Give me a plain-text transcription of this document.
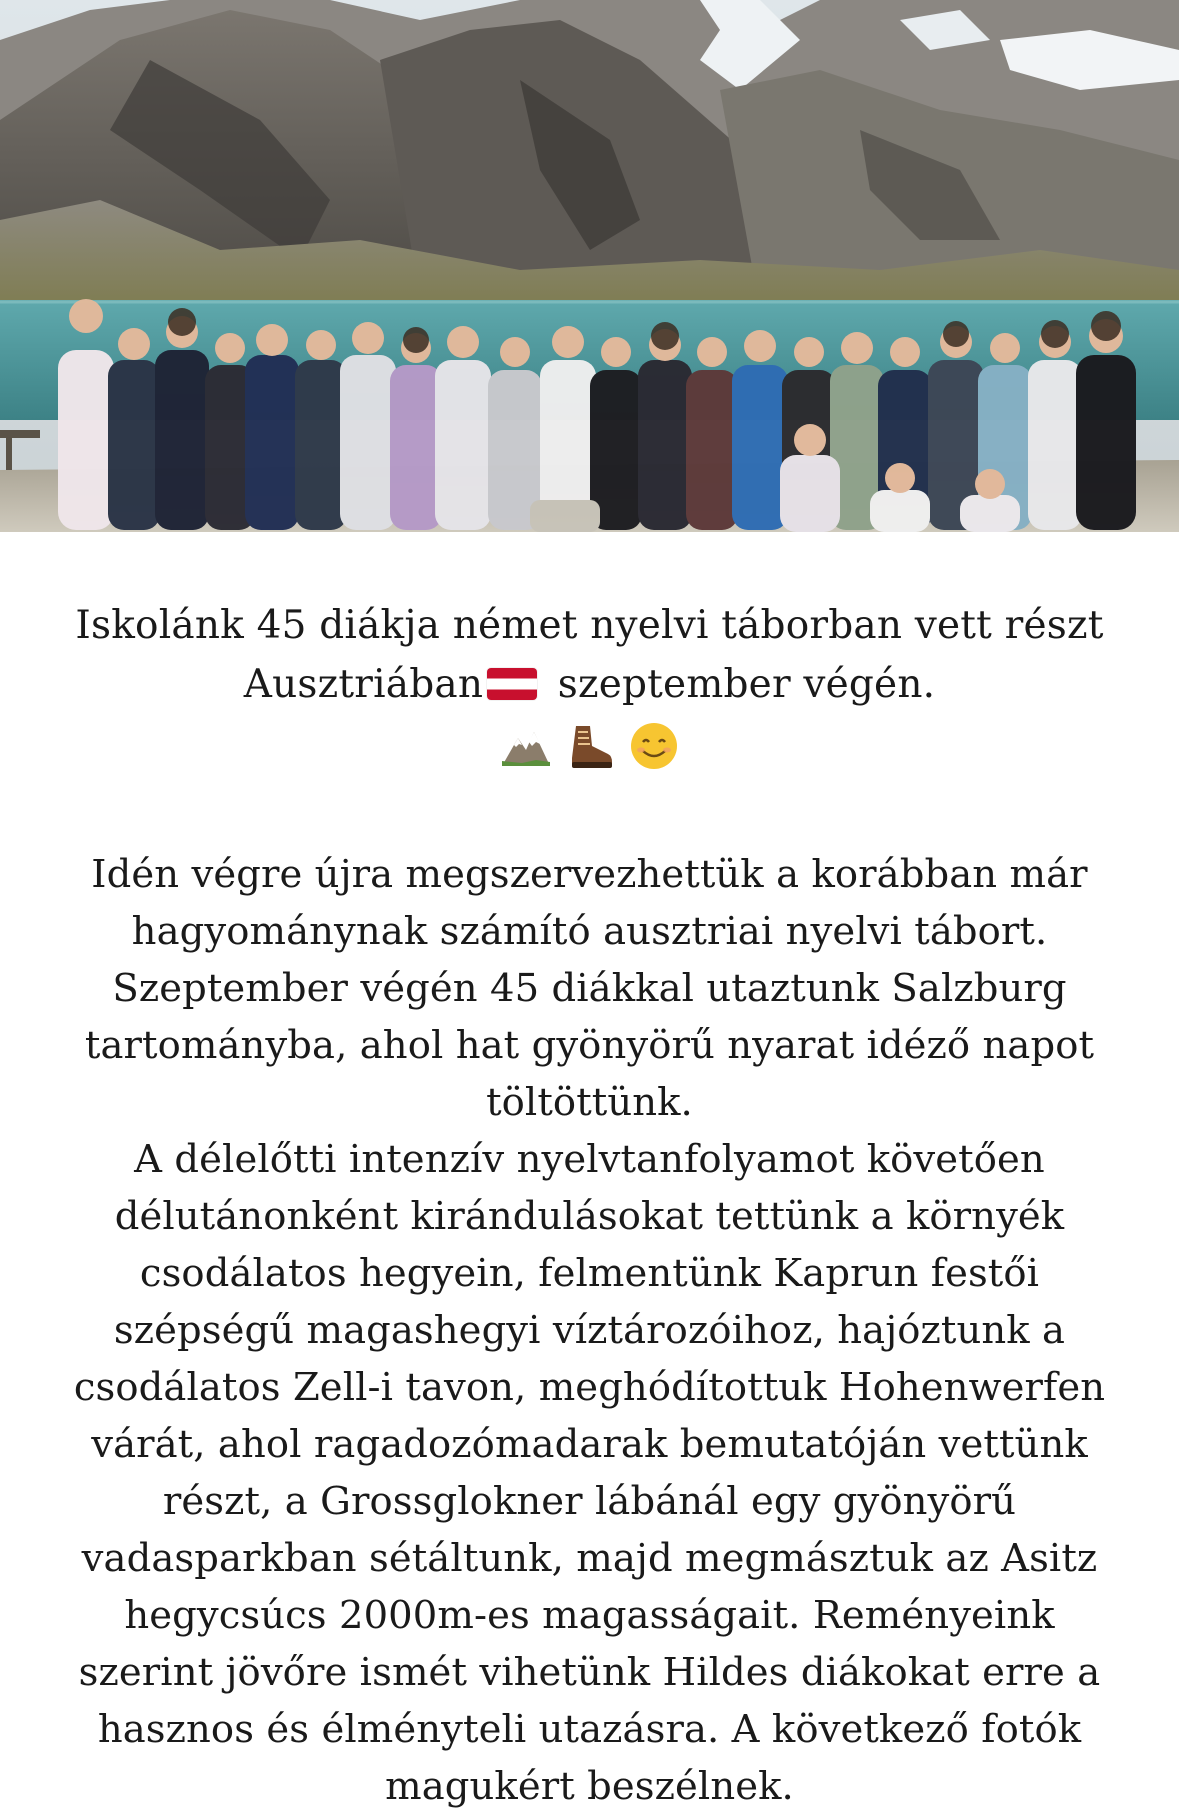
Iskolánk 45 diákja német nyelvi táborban vett részt Ausztriában szeptember végén.

Idén végre újra megszervezhettük a korábban már hagyománynak számító ausztriai nyelvi tábort. Szeptember végén 45 diákkal utaztunk Salzburg tartományba, ahol hat gyönyörű nyarat idéző napot töltöttünk.

A délelőtti intenzív nyelvtanfolyamot követően délutánonként kirándulásokat tettünk a környék csodálatos hegyein, felmentünk Kaprun festői szépségű magashegyi víztározóihoz, hajóztunk a csodálatos Zell-i tavon, meghódítottuk Hohenwerfen várát, ahol ragadozómadarak bemutatóján vettünk részt, a Grossglokner lábánál egy gyönyörű vadasparkban sétáltunk, majd megmásztuk az Asitz hegycsúcs 2000m-es magasságait. Reményeink szerint jövőre ismét vihetünk Hildes diákokat erre a hasznos és élményteli utazásra. A következő fotók magukért beszélnek.
